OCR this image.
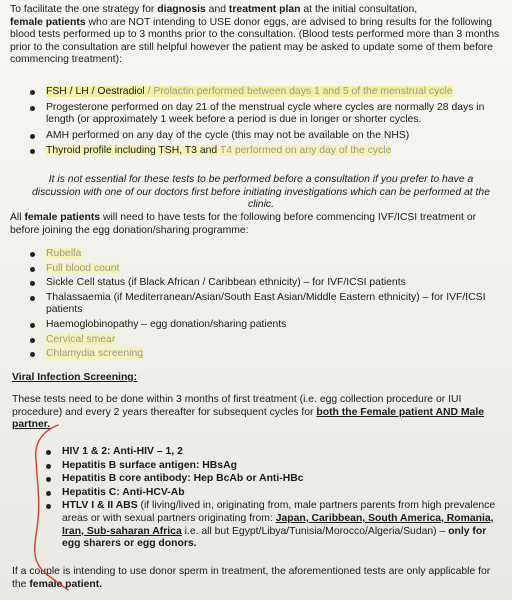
To facilitate the one strategy for diagnosis and treatment plan at the initial consultation,
female patients who are NOT intending to USE donor eggs, are advised to bring results for the following blood tests performed up to 3 months prior to the consultation. (Blood tests performed more than 3 months prior to the consultation are still helpful however the patient may be asked to update some of them before commencing treatment):
FSH / LH / Oestradiol / Prolactin performed between days 1 and 5 of the menstrual cycle
Progesterone performed on day 21 of the menstrual cycle where cycles are normally 28 days in length (or approximately 1 week before a period is due in longer or shorter cycles.
AMH performed on any day of the cycle (this may not be available on the NHS)
Thyroid profile including TSH, T3 and T4 performed on any day of the cycle
It is not essential for these tests to be performed before a consultation if you prefer to have a discussion with one of our doctors first before initiating investigations which can be performed at the clinic.
All female patients will need to have tests for the following before commencing IVF/ICSI treatment or before joining the egg donation/sharing programme:
Rubella
Full blood count
Sickle Cell status (if Black African / Caribbean ethnicity) – for IVF/ICSI patients
Thalassaemia (if Mediterranean/Asian/South East Asian/Middle Eastern ethnicity) – for IVF/ICSI patients
Haemoglobinopathy – egg donation/sharing patients
Cervical smear
Chlamydia screening
Viral Infection Screening:
These tests need to be done within 3 months of first treatment (i.e. egg collection procedure or IUI procedure) and every 2 years thereafter for subsequent cycles for both the Female patient AND Male partner.
HIV 1 & 2: Anti-HIV – 1, 2
Hepatitis B surface antigen: HBsAg
Hepatitis B core antibody: Hep BcAb or Anti-HBc
Hepatitis C: Anti-HCV-Ab
HTLV I & II ABS (if living/lived in, originating from, male partners parents from high prevalence areas or with sexual partners originating from: Japan, Caribbean, South America, Romania, Iran, Sub-saharan Africa i.e. all but Egypt/Libya/Tunisia/Morocco/Algeria/Sudan) – only for egg sharers or egg donors.
If a couple is intending to use donor sperm in treatment, the aforementioned tests are only applicable for the female patient.
